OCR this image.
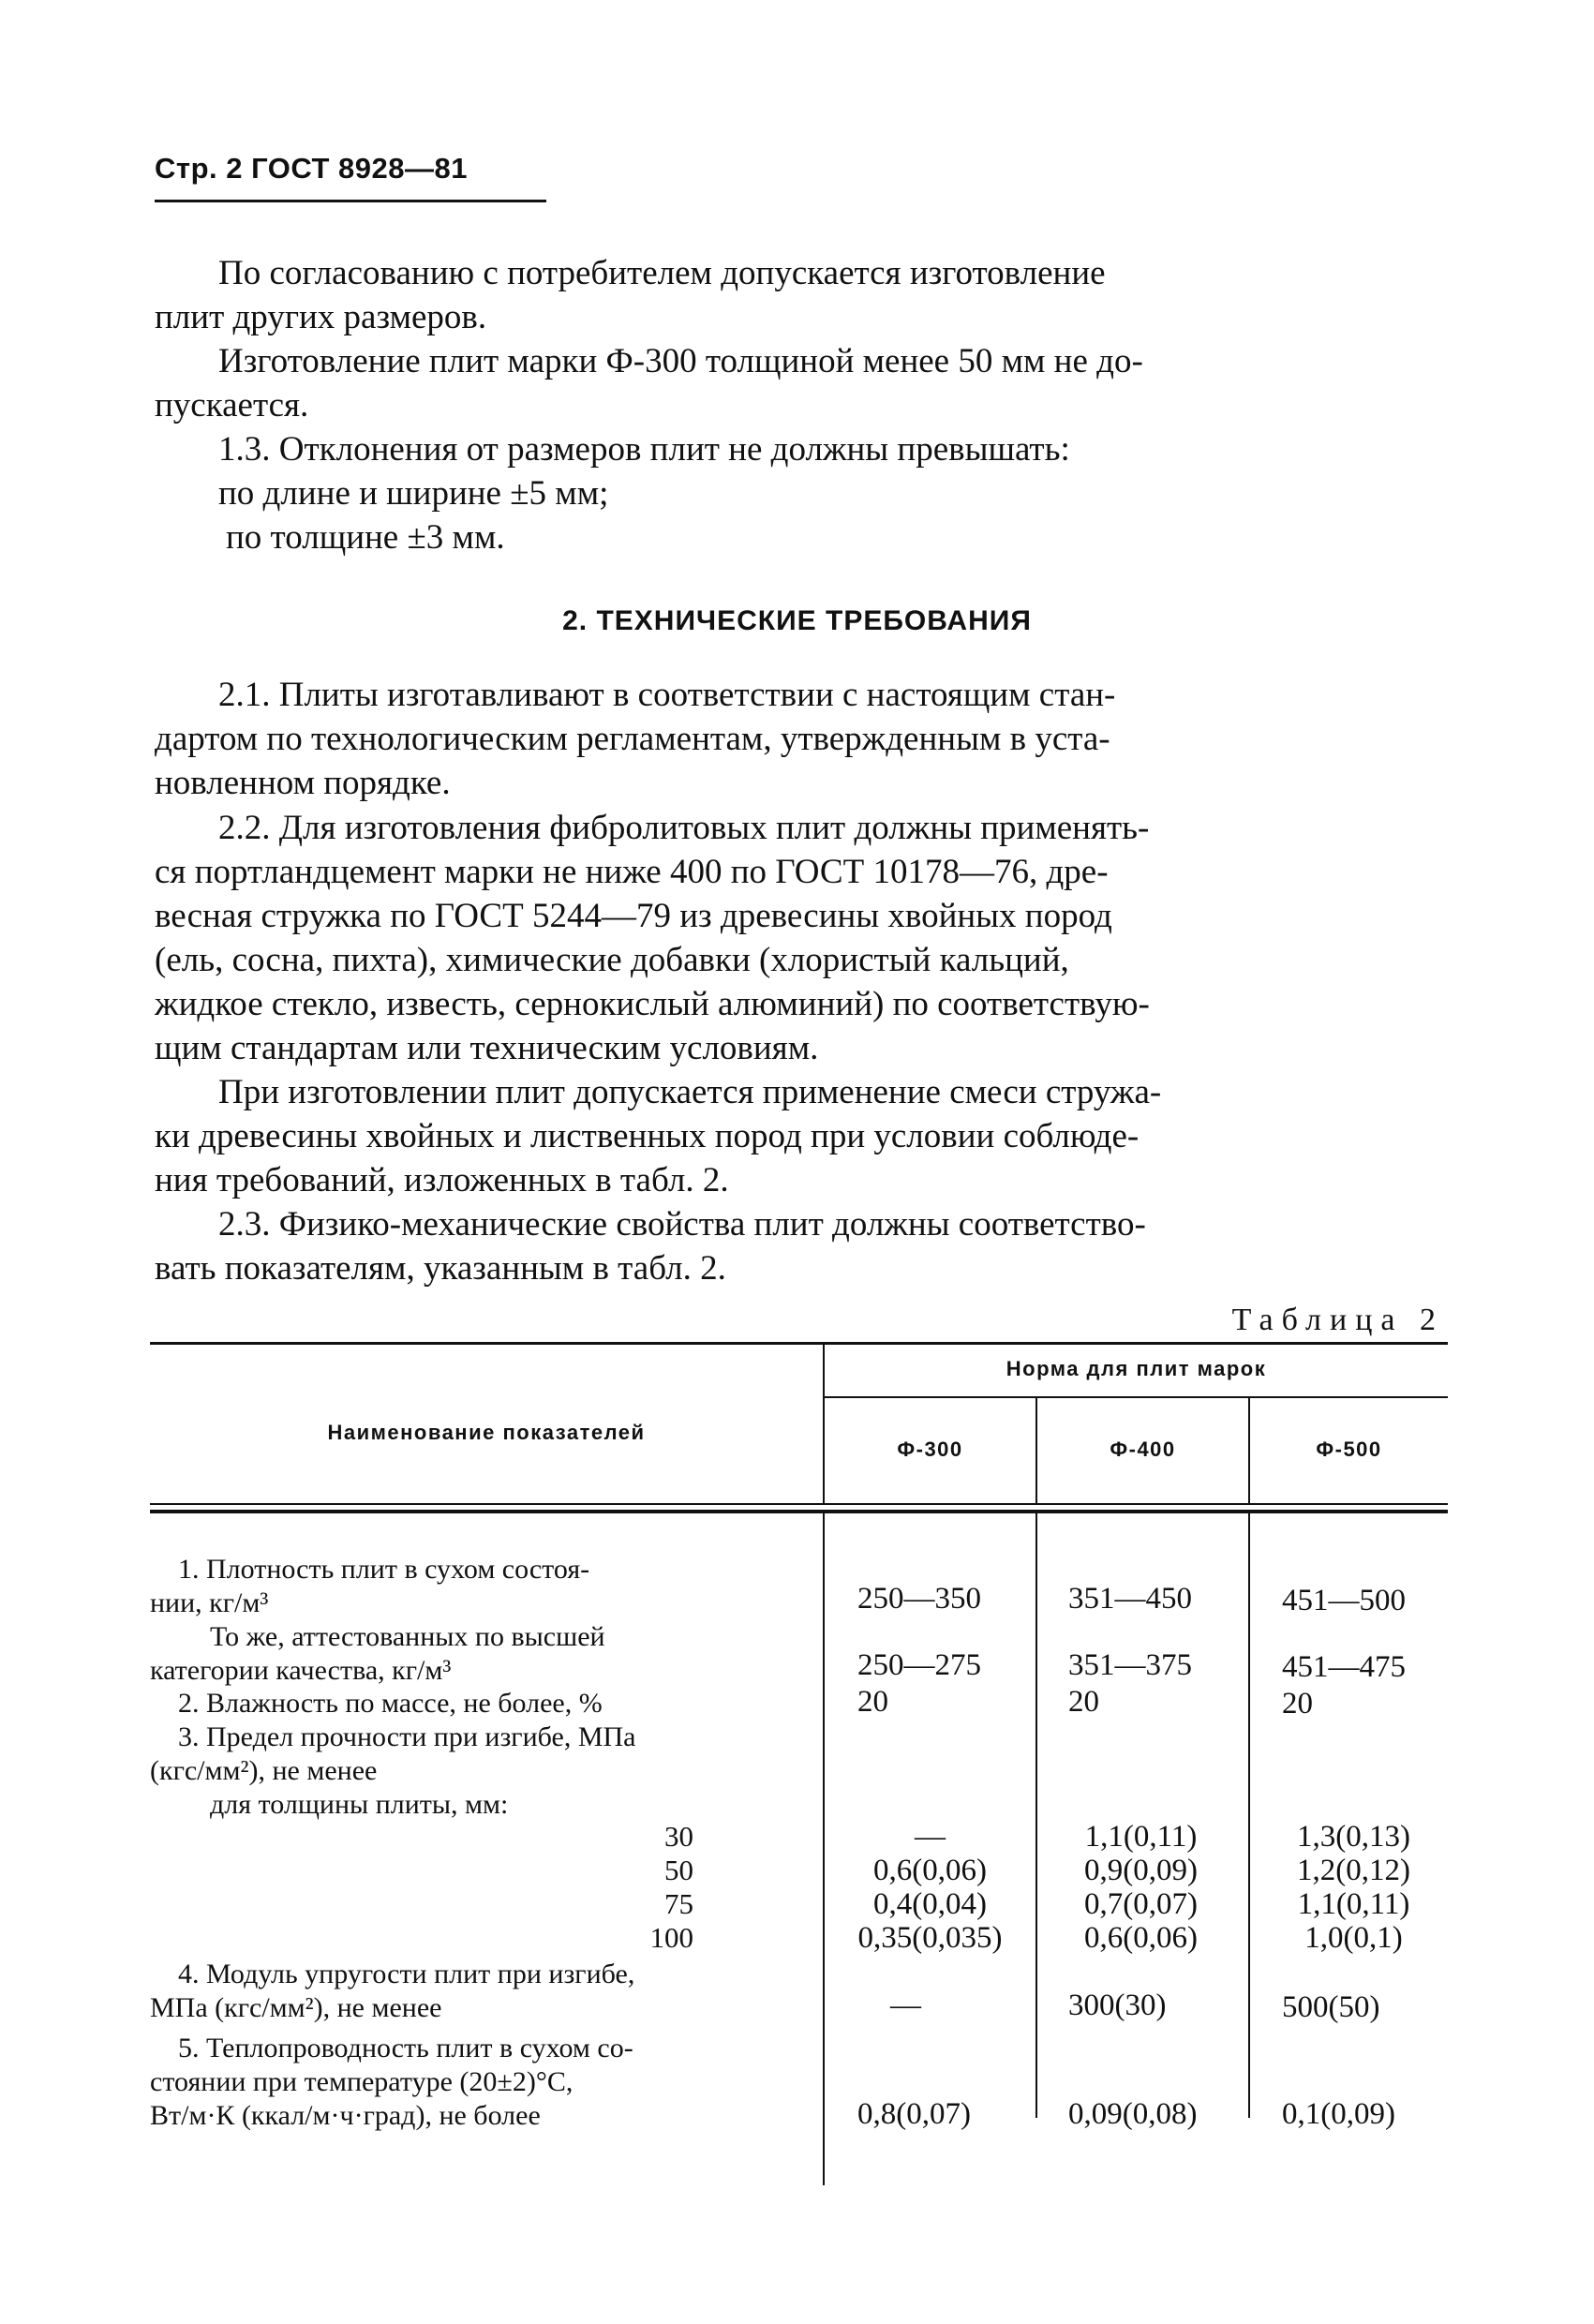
Стр. 2 ГОСТ 8928—81

По согласованию с потребителем допускается изготовление
плит других размеров.

Изготовление плит марки Ф-300 толщиной менее 50 мм не до-
пускается.

1.3. Отклонения от размеров плит не должны превышать:
по длине и ширине ±5 мм;
по толщине ±3 мм.

2. ТЕХНИЧЕСКИЕ ТРЕБОВАНИЯ

2.1. Плиты изготавливают в соответствии с настоящим стан-
дартом по технологическим регламентам, утвержденным в уста-
новленном порядке.

2.2. Для изготовления фибролитовых плит должны применять-
ся портландцемент марки не ниже 400 по ГОСТ 10178—76, дре-
весная стружка по ГОСТ 5244—79 из древесины хвойных пород
(ель, сосна, пихта), химические добавки (хлористый кальций,
жидкое стекло, известь, сернокислый алюминий) по соответствую-
щим стандартам или техническим условиям.

При изготовлении плит допускается применение смеси стружа-
ки древесины хвойных и лиственных пород при условии соблюде-
ния требований, изложенных в табл. 2.

2.3. Физико-механические свойства плит должны соответство-
вать показателям, указанным в табл. 2.

Таблица 2
Наименование показателей
Норма для плит марок
Ф-300	Ф-400	Ф-500
1. Плотность плит в сухом состоя-
нии, кг/м³	250—350	351—450	451—500
То же, аттестованных по высшей
категории качества, кг/м³	250—275	351—375	451—475
2. Влажность по массе, не более, %	20	20	20
3. Предел прочности при изгибе, МПа
(кгс/мм²), не менее
для толщины плиты, мм:
30	—	1,1(0,11)	1,3(0,13)
50	0,6(0,06)	0,9(0,09)	1,2(0,12)
75	0,4(0,04)	0,7(0,07)	1,1(0,11)
100	0,35(0,035)	0,6(0,06)	1,0(0,1)
4. Модуль упругости плит при изгибе,
МПа (кгс/мм²), не менее	—	300(30)	500(50)
5. Теплопроводность плит в сухом со-
стоянии при температуре (20±2)°С,
Вт/м·К (ккал/м·ч·град), не более	0,8(0,07)	0,09(0,08)	0,1(0,09)
